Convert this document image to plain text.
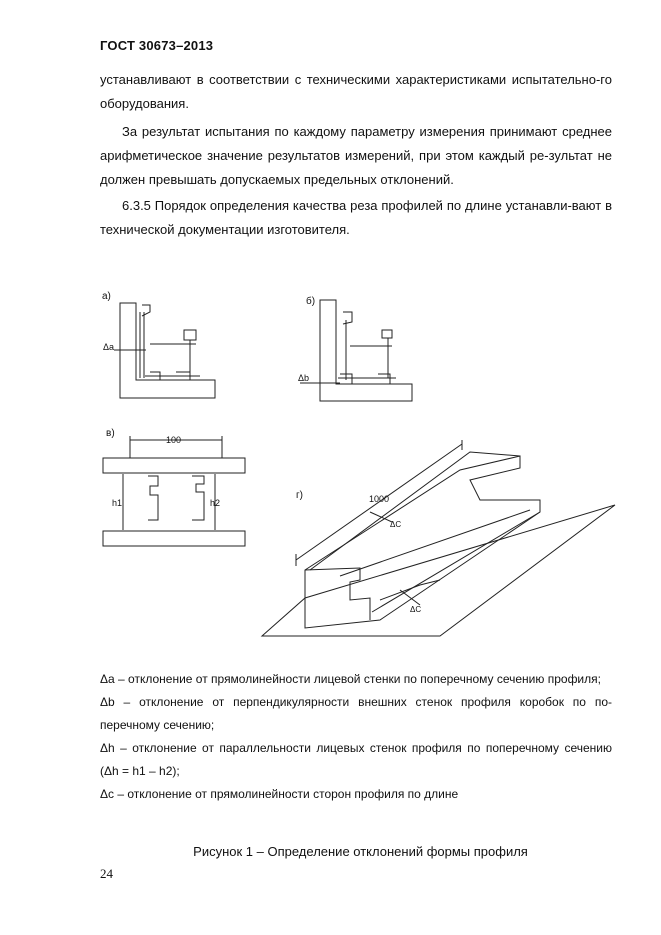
ГОСТ 30673–2013
устанавливают в соответствии с техническими характеристиками испытательно-го оборудования.
За результат испытания по каждому параметру измерения принимают среднее арифметическое значение результатов измерений, при этом каждый ре-зультат не должен превышать допускаемых предельных отклонений.
6.3.5 Порядок определения качества реза профилей по длине устанавли-вают в технической документации изготовителя.
а)
Δa
б)
Δb
в)
100
h1	h2
г)	1000
ΔC
ΔC
Δa – отклонение от прямолинейности лицевой стенки по поперечному сечению профиля;
Δb – отклонение от перпендикулярности внешних стенок профиля коробок по по-перечному сечению;
Δh – отклонение от параллельности лицевых стенок профиля по поперечному сечению (Δh = h1 – h2);
Δc – отклонение от прямолинейности сторон профиля по длине
Рисунок 1 – Определение отклонений формы профиля
24
